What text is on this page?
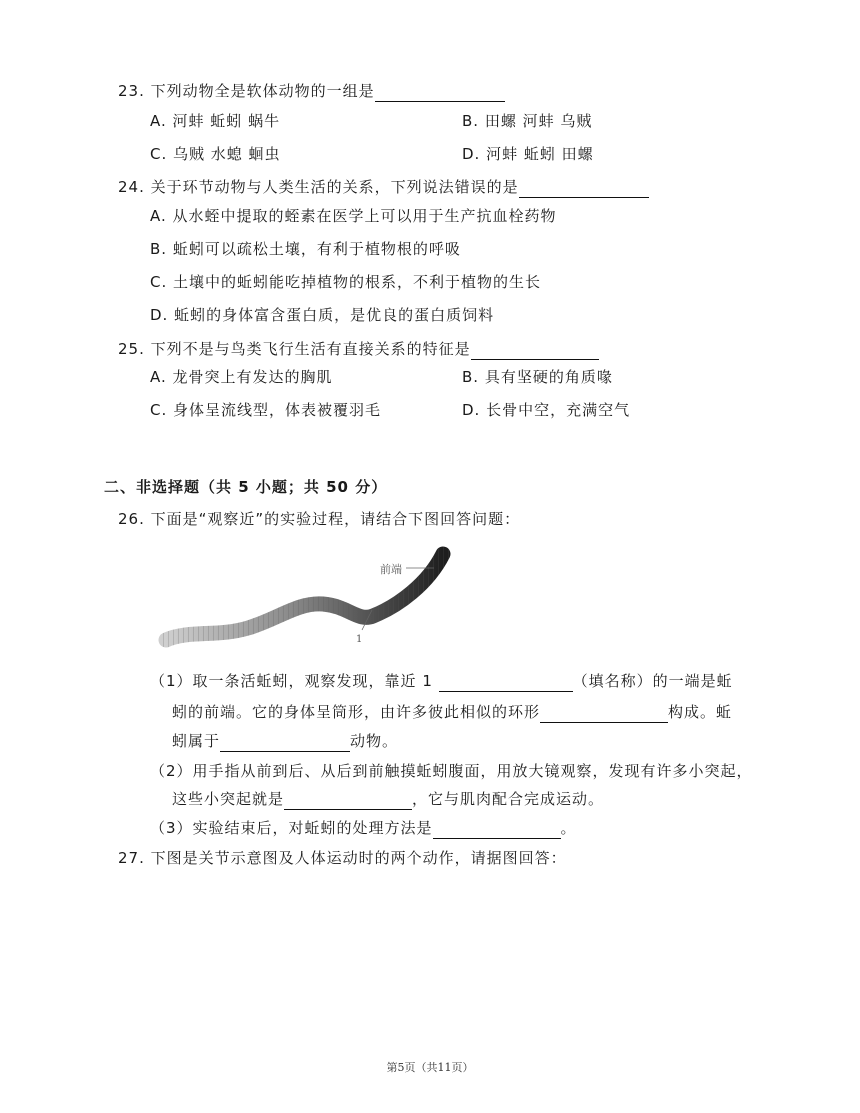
23. 下列动物全是软体动物的一组是
A. 河蚌 蚯蚓 蜗牛	B. 田螺 河蚌 乌贼
C. 乌贼 水螅 蛔虫	D. 河蚌 蚯蚓 田螺
24. 关于环节动物与人类生活的关系，下列说法错误的是
A. 从水蛭中提取的蛭素在医学上可以用于生产抗血栓药物
B. 蚯蚓可以疏松土壤，有利于植物根的呼吸
C. 土壤中的蚯蚓能吃掉植物的根系，不利于植物的生长
D. 蚯蚓的身体富含蛋白质，是优良的蛋白质饲料
25. 下列不是与鸟类飞行生活有直接关系的特征是
A. 龙骨突上有发达的胸肌	B. 具有坚硬的角质喙
C. 身体呈流线型，体表被覆羽毛	D. 长骨中空，充满空气
二、非选择题（共 5 小题；共 50 分）
26. 下面是“观察近”的实验过程，请结合下图回答问题：
前端
1
（1）取一条活蚯蚓，观察发现，靠近 1	（填名称）的一端是蚯
蚓的前端。它的身体呈筒形，由许多彼此相似的环形	构成。蚯
蚓属于	动物。
（2）用手指从前到后、从后到前触摸蚯蚓腹面，用放大镜观察，发现有许多小突起，
这些小突起就是	，它与肌肉配合完成运动。
（3）实验结束后，对蚯蚓的处理方法是	。
27. 下图是关节示意图及人体运动时的两个动作，请据图回答：
第5页（共11页）
